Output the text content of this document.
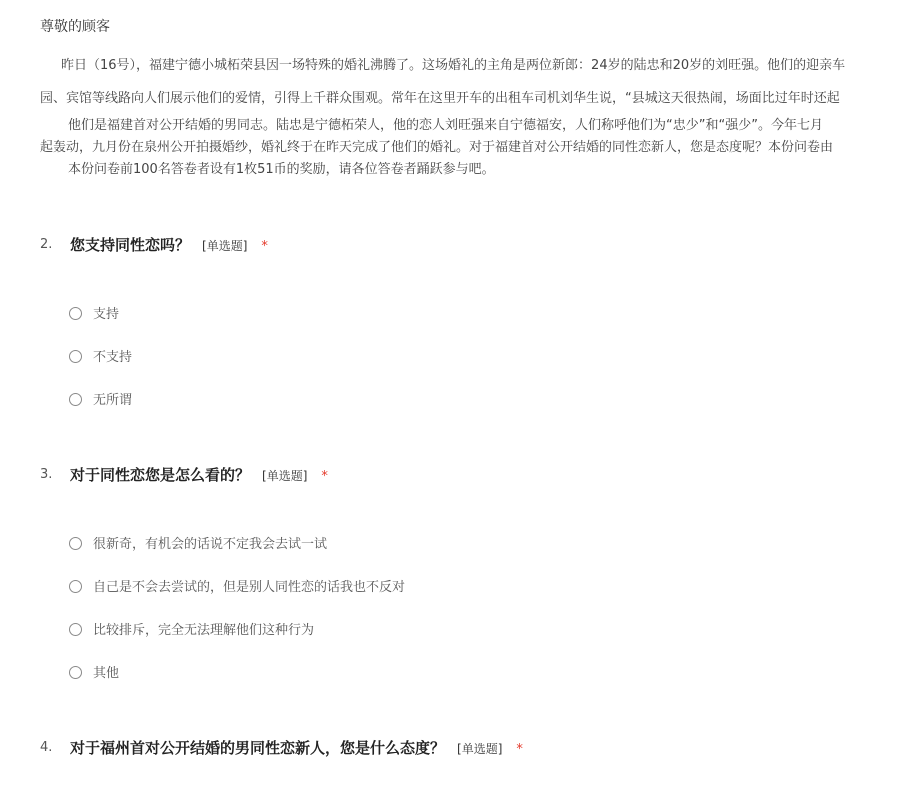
尊敬的顾客
昨日（16号），福建宁德小城柘荣县因一场特殊的婚礼沸腾了。这场婚礼的主角是两位新郎：24岁的陆忠和20岁的刘旺强。他们的迎亲车
园、宾馆等线路向人们展示他们的爱情，引得上千群众围观。常年在这里开车的出租车司机刘华生说，“县城这天很热闹，场面比过年时还起
他们是福建首对公开结婚的男同志。陆忠是宁德柘荣人，他的恋人刘旺强来自宁德福安，人们称呼他们为“忠少”和“强少”。今年七月
起轰动，九月份在泉州公开拍摄婚纱，婚礼终于在昨天完成了他们的婚礼。对于福建首对公开结婚的同性恋新人，您是态度呢？本份问卷由
本份问卷前100名答卷者设有1枚51币的奖励，请各位答卷者踊跃参与吧。
2. 您支持同性恋吗？ [单选题] *
支持
不支持
无所谓
3. 对于同性恋您是怎么看的？ [单选题] *
很新奇，有机会的话说不定我会去试一试
自己是不会去尝试的，但是别人同性恋的话我也不反对
比较排斥，完全无法理解他们这种行为
其他
4. 对于福州首对公开结婚的男同性恋新人，您是什么态度？ [单选题] *
